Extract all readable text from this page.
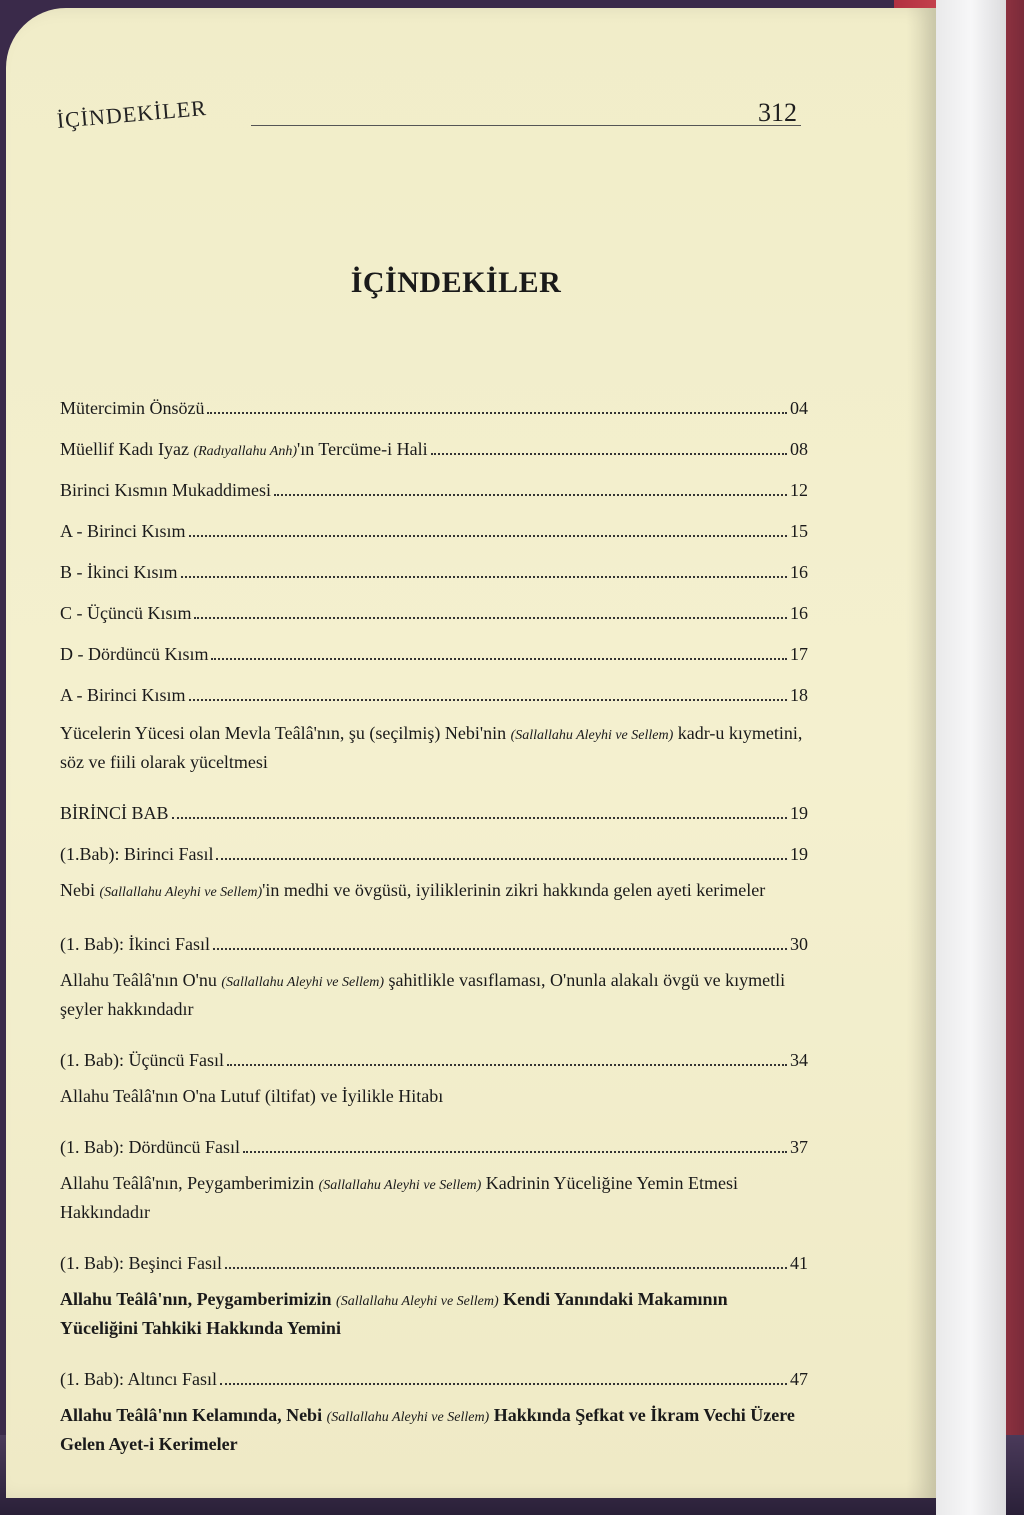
İÇİNDEKİLER	312
İÇİNDEKİLER
Mütercimin Önsözü	04
Müellif Kadı Iyaz (Radıyallahu Anh)'ın Tercüme-i Hali	08
Birinci Kısmın Mukaddimesi	12
A - Birinci Kısım	15
B - İkinci Kısım	16
C - Üçüncü Kısım	16
D - Dördüncü Kısım	17
A - Birinci Kısım	18
Yücelerin Yücesi olan Mevla Teâlâ'nın, şu (seçilmiş) Nebi'nin (Sallallahu Aleyhi ve Sellem) kadr-u kıymetini, söz ve fiili olarak yüceltmesi
BİRİNCİ BAB	19
(1.Bab): Birinci Fasıl	19
Nebi (Sallallahu Aleyhi ve Sellem)'in medhi ve övgüsü, iyiliklerinin zikri hakkında gelen ayeti kerimeler
(1. Bab): İkinci Fasıl	30
Allahu Teâlâ'nın O'nu (Sallallahu Aleyhi ve Sellem) şahitlikle vasıflaması, O'nunla alakalı övgü ve kıymetli şeyler hakkındadır
(1. Bab): Üçüncü Fasıl	34
Allahu Teâlâ'nın O'na Lutuf (iltifat) ve İyilikle Hitabı
(1. Bab): Dördüncü Fasıl	37
Allahu Teâlâ'nın, Peygamberimizin (Sallallahu Aleyhi ve Sellem) Kadrinin Yüceliğine Yemin Etmesi Hakkındadır
(1. Bab): Beşinci Fasıl	41
Allahu Teâlâ'nın, Peygamberimizin (Sallallahu Aleyhi ve Sellem) Kendi Yanındaki Makamının Yüceliğini Tahkiki Hakkında Yemini
(1. Bab): Altıncı Fasıl	47
Allahu Teâlâ'nın Kelamında, Nebi (Sallallahu Aleyhi ve Sellem) Hakkında Şefkat ve İkram Vechi Üzere Gelen Ayet-i Kerimeler
